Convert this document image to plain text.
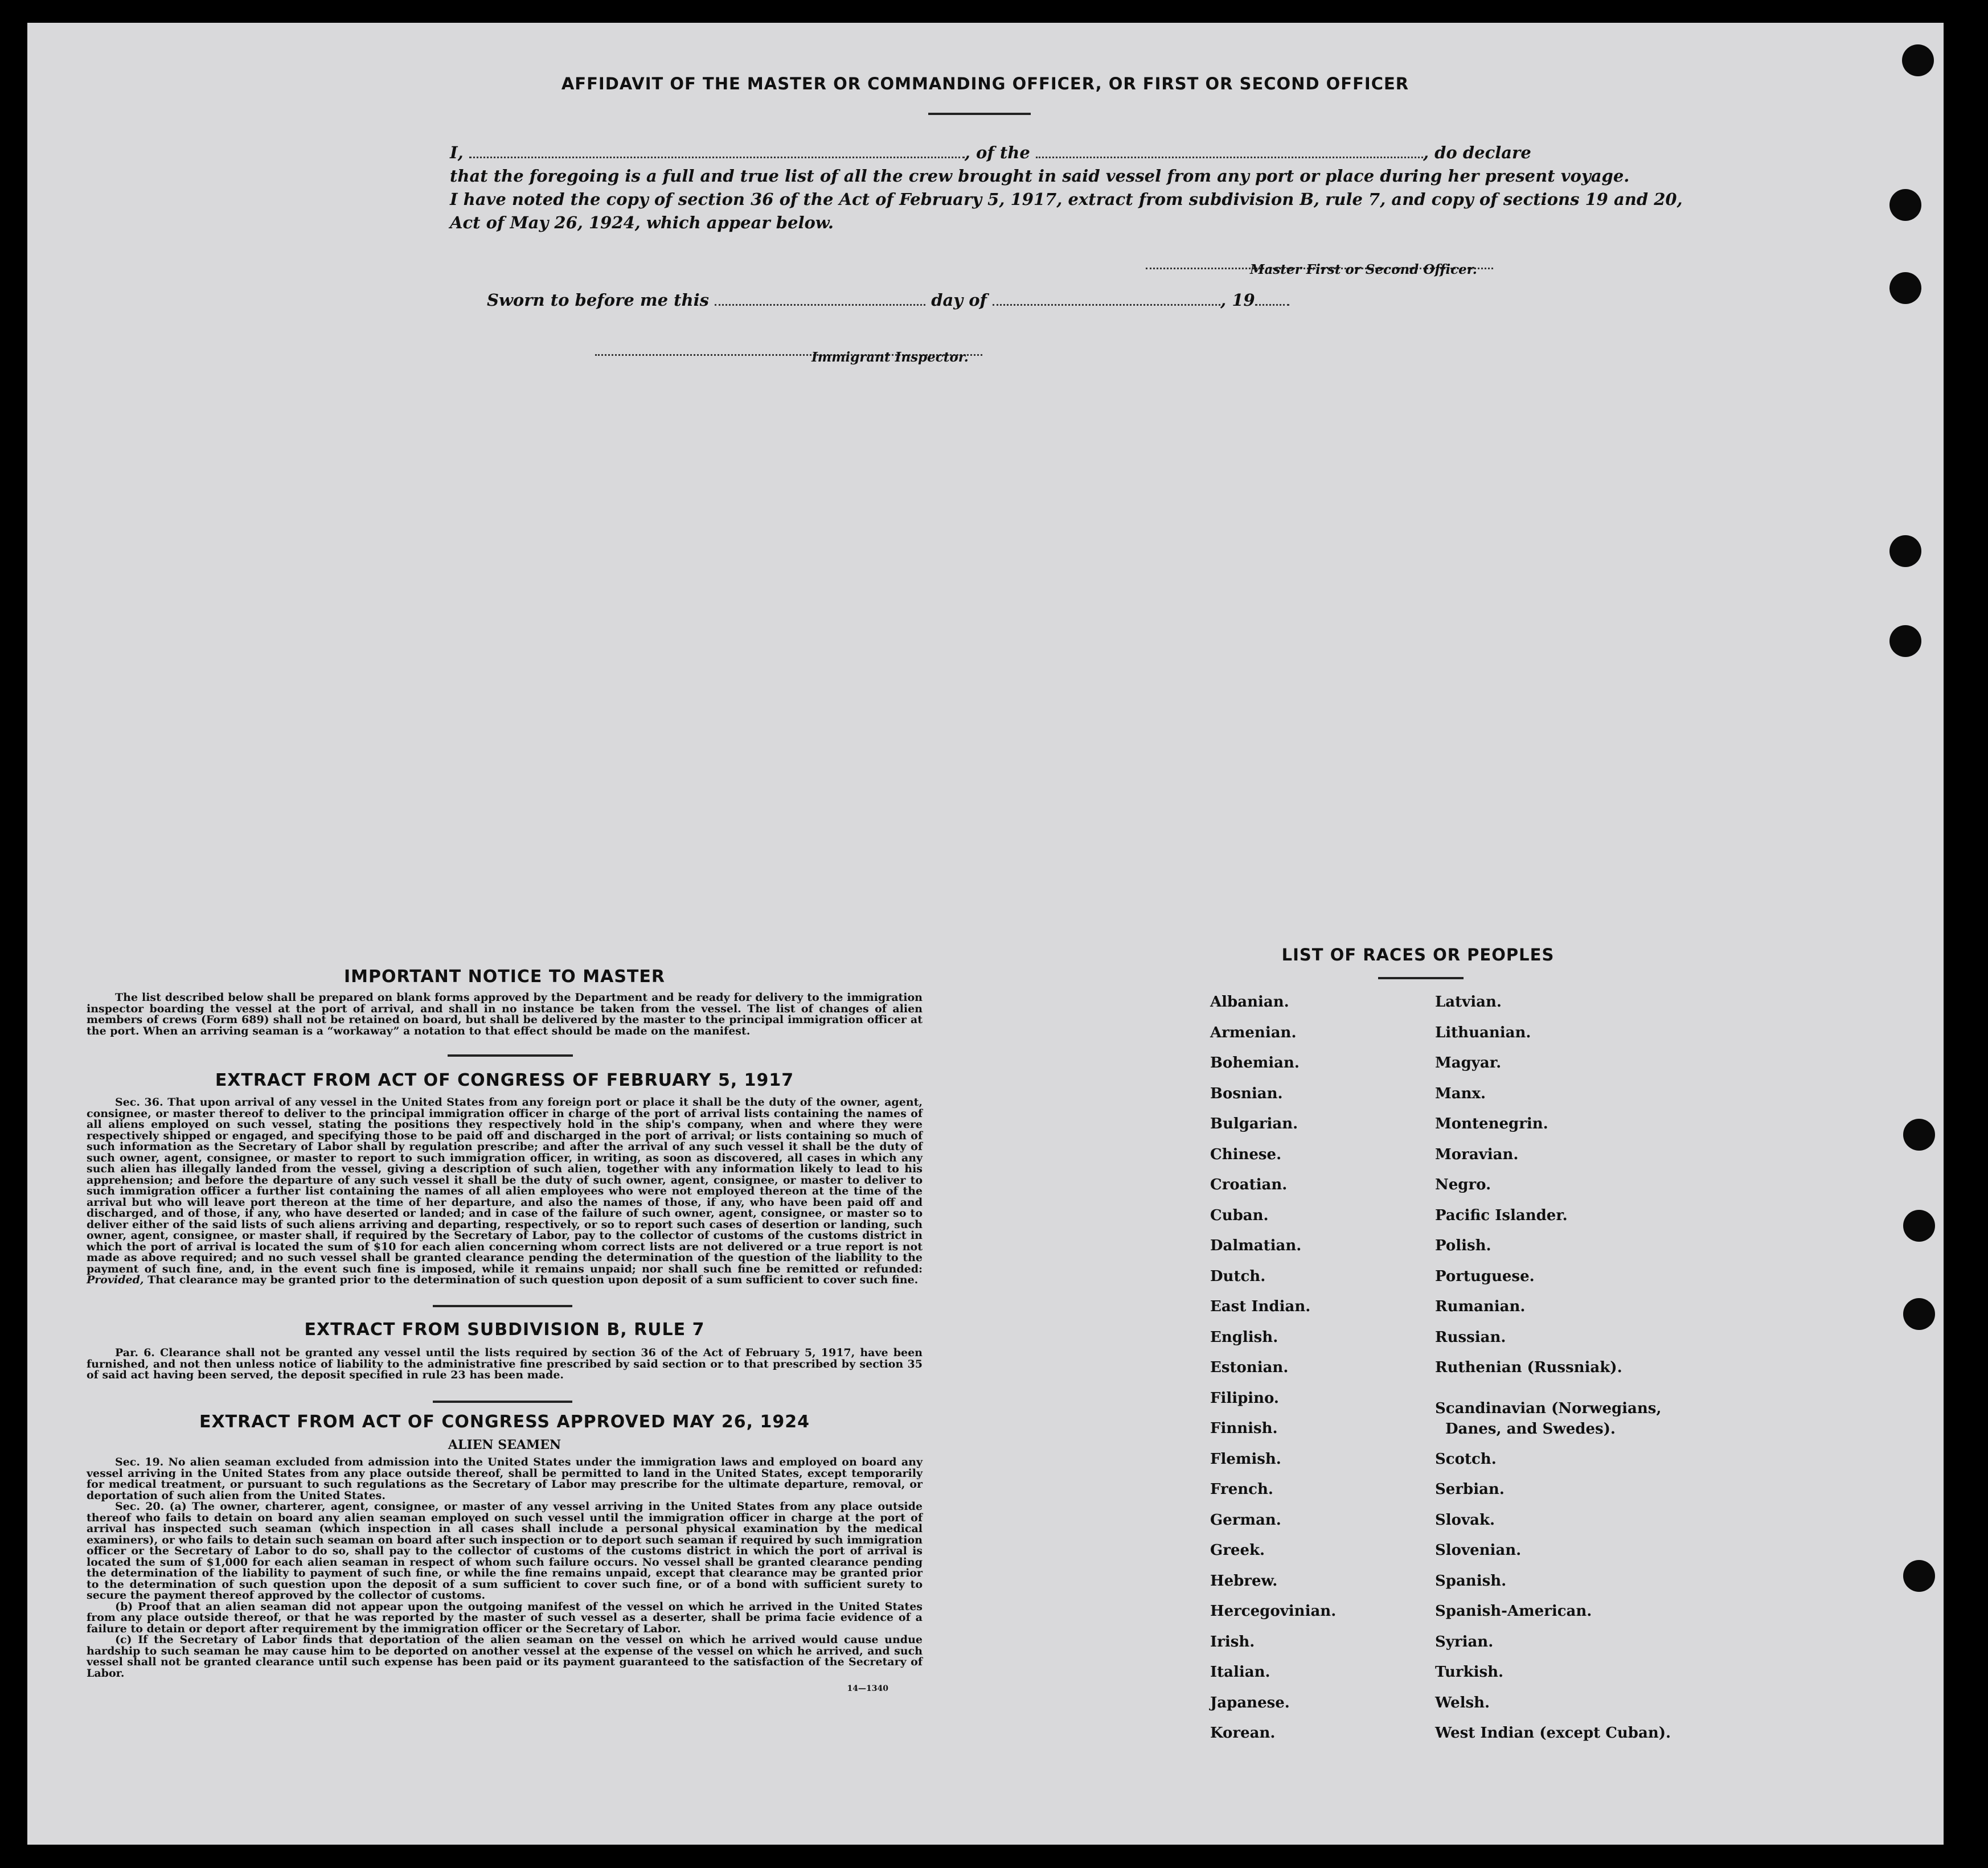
AFFIDAVIT OF THE MASTER OR COMMANDING OFFICER, OR FIRST OR SECOND OFFICER
I,	, of the	, do declare
that the foregoing is a full and true list of all the crew brought in said vessel from any port or place during her present voyage.
I have noted the copy of section 36 of the Act of February 5, 1917, extract from subdivision B, rule 7, and copy of sections 19 and 20,
Act of May 26, 1924, which appear below.
Master First or Second Officer.
Sworn to before me this	day of	, 19
Immigrant Inspector.
IMPORTANT NOTICE TO MASTER
The list described below shall be prepared on blank forms approved by the Department and be ready for delivery to the immigration inspector boarding the vessel at the port of arrival, and shall in no instance be taken from the vessel. The list of changes of alien members of crews (Form 689) shall not be retained on board, but shall be delivered by the master to the principal immigration officer at the port. When an arriving seaman is a “workaway” a notation to that effect should be made on the manifest.
EXTRACT FROM ACT OF CONGRESS OF FEBRUARY 5, 1917
Sec. 36. That upon arrival of any vessel in the United States from any foreign port or place it shall be the duty of the owner, agent, consignee, or master thereof to deliver to the principal immigration officer in charge of the port of arrival lists containing the names of all aliens employed on such vessel, stating the positions they respectively hold in the ship's company, when and where they were respectively shipped or engaged, and specifying those to be paid off and discharged in the port of arrival; or lists containing so much of such information as the Secretary of Labor shall by regulation prescribe; and after the arrival of any such vessel it shall be the duty of such owner, agent, consignee, or master to report to such immigration officer, in writing, as soon as discovered, all cases in which any such alien has illegally landed from the vessel, giving a description of such alien, together with any information likely to lead to his apprehension; and before the departure of any such vessel it shall be the duty of such owner, agent, consignee, or master to deliver to such immigration officer a further list containing the names of all alien employees who were not employed thereon at the time of the arrival but who will leave port thereon at the time of her departure, and also the names of those, if any, who have been paid off and discharged, and of those, if any, who have deserted or landed; and in case of the failure of such owner, agent, consignee, or master so to deliver either of the said lists of such aliens arriving and departing, respectively, or so to report such cases of desertion or landing, such owner, agent, consignee, or master shall, if required by the Secretary of Labor, pay to the collector of customs of the customs district in which the port of arrival is located the sum of $10 for each alien concerning whom correct lists are not delivered or a true report is not made as above required; and no such vessel shall be granted clearance pending the determination of the question of the liability to the payment of such fine, and, in the event such fine is imposed, while it remains unpaid; nor shall such fine be remitted or refunded: Provided, That clearance may be granted prior to the determination of such question upon deposit of a sum sufficient to cover such fine.
EXTRACT FROM SUBDIVISION B, RULE 7
Par. 6. Clearance shall not be granted any vessel until the lists required by section 36 of the Act of February 5, 1917, have been furnished, and not then unless notice of liability to the administrative fine prescribed by said section or to that prescribed by section 35 of said act having been served, the deposit specified in rule 23 has been made.
EXTRACT FROM ACT OF CONGRESS APPROVED MAY 26, 1924
ALIEN SEAMEN
Sec. 19. No alien seaman excluded from admission into the United States under the immigration laws and employed on board any vessel arriving in the United States from any place outside thereof, shall be permitted to land in the United States, except temporarily for medical treatment, or pursuant to such regulations as the Secretary of Labor may prescribe for the ultimate departure, removal, or deportation of such alien from the United States.
Sec. 20. (a) The owner, charterer, agent, consignee, or master of any vessel arriving in the United States from any place outside thereof who fails to detain on board any alien seaman employed on such vessel until the immigration officer in charge at the port of arrival has inspected such seaman (which inspection in all cases shall include a personal physical examination by the medical examiners), or who fails to detain such seaman on board after such inspection or to deport such seaman if required by such immigration officer or the Secretary of Labor to do so, shall pay to the collector of customs of the customs district in which the port of arrival is located the sum of $1,000 for each alien seaman in respect of whom such failure occurs. No vessel shall be granted clearance pending the determination of the liability to payment of such fine, or while the fine remains unpaid, except that clearance may be granted prior to the determination of such question upon the deposit of a sum sufficient to cover such fine, or of a bond with sufficient surety to secure the payment thereof approved by the collector of customs.
(b) Proof that an alien seaman did not appear upon the outgoing manifest of the vessel on which he arrived in the United States from any place outside thereof, or that he was reported by the master of such vessel as a deserter, shall be prima facie evidence of a failure to detain or deport after requirement by the immigration officer or the Secretary of Labor.
(c) If the Secretary of Labor finds that deportation of the alien seaman on the vessel on which he arrived would cause undue hardship to such seaman he may cause him to be deported on another vessel at the expense of the vessel on which he arrived, and such vessel shall not be granted clearance until such expense has been paid or its payment guaranteed to the satisfaction of the Secretary of Labor.
14—1340
LIST OF RACES OR PEOPLES
Albanian.
Armenian.
Bohemian.
Bosnian.
Bulgarian.
Chinese.
Croatian.
Cuban.
Dalmatian.
Dutch.
East Indian.
English.
Estonian.
Filipino.
Finnish.
Flemish.
French.
German.
Greek.
Hebrew.
Hercegovinian.
Irish.
Italian.
Japanese.
Korean.
Latvian.
Lithuanian.
Magyar.
Manx.
Montenegrin.
Moravian.
Negro.
Pacific Islander.
Polish.
Portuguese.
Rumanian.
Russian.
Ruthenian (Russniak).
Scandinavian (Norwegians,
Danes, and Swedes).
Scotch.
Serbian.
Slovak.
Slovenian.
Spanish.
Spanish-American.
Syrian.
Turkish.
Welsh.
West Indian (except Cuban).
